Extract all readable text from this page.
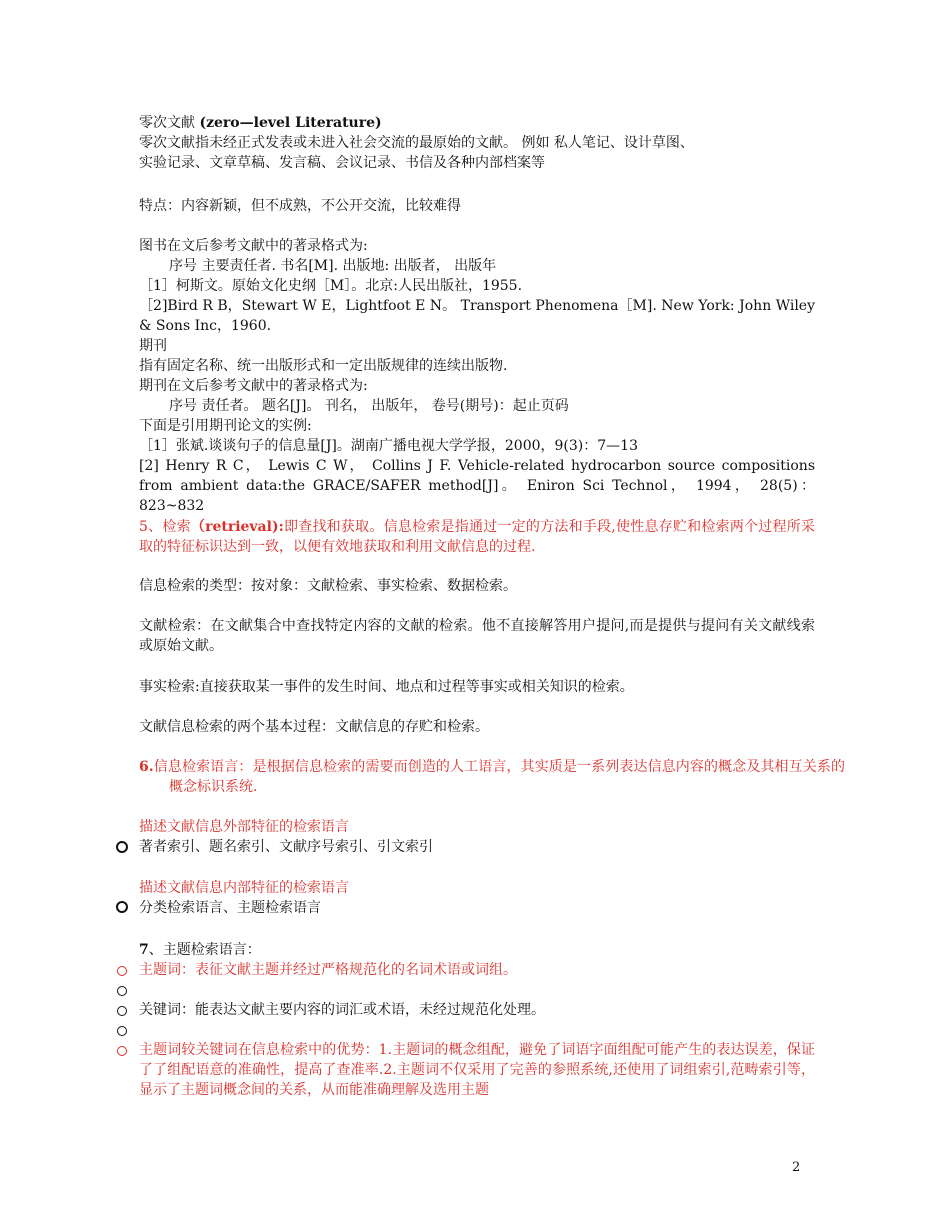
零次文献 (zero—level Literature)
零次文献指未经正式发表或未进入社会交流的最原始的文献。 例如 私人笔记、设计草图、
实验记录、文章草稿、发言稿、会议记录、书信及各种内部档案等
特点：内容新颖，但不成熟，不公开交流，比较难得
图书在文后参考文献中的著录格式为:
序号 主要责任者. 书名[M]. 出版地: 出版者， 出版年
［1］柯斯文。原始文化史纲［M］。北京:人民出版社，1955.
［2]Bird R B，Stewart W E，Lightfoot E N。 Transport Phenomena［M]. New York: John Wiley & Sons Inc，1960.
期刊
指有固定名称、统一出版形式和一定出版规律的连续出版物.
期刊在文后参考文献中的著录格式为:
序号 责任者。 题名[J]。 刊名， 出版年， 卷号(期号)：起止页码
下面是引用期刊论文的实例:
［1］张斌.谈谈句子的信息量[J]。湖南广播电视大学学报，2000，9(3)：7—13
[2] Henry R C， Lewis C W， Collins J F. Vehicle-related hydrocarbon source compositions from ambient data:the GRACE/SAFER method[J]。 Eniron Sci Technol， 1994， 28(5)： 823~832
5、检索（retrieval):即查找和获取。信息检索是指通过一定的方法和手段,使性息存贮和检索两个过程所采取的特征标识达到一致，以便有效地获取和利用文献信息的过程.
信息检索的类型：按对象：文献检索、事实检索、数据检索。
文献检索：在文献集合中查找特定内容的文献的检索。他不直接解答用户提问,而是提供与提问有关文献线索或原始文献。
事实检索:直接获取某一事件的发生时间、地点和过程等事实或相关知识的检索。
文献信息检索的两个基本过程：文献信息的存贮和检索。
6.信息检索语言：是根据信息检索的需要而创造的人工语言，其实质是一系列表达信息内容的概念及其相互关系的概念标识系统.
描述文献信息外部特征的检索语言
著者索引、题名索引、文献序号索引、引文索引
描述文献信息内部特征的检索语言
分类检索语言、主题检索语言
7、主题检索语言：
主题词：表征文献主题并经过严格规范化的名词术语或词组。
关键词：能表达文献主要内容的词汇或术语，未经过规范化处理。
主题词较关键词在信息检索中的优势：1.主题词的概念组配，避免了词语字面组配可能产生的表达误差，保证了了组配语意的准确性，提高了查准率.2.主题词不仅采用了完善的参照系统,还使用了词组索引,范畴索引等，显示了主题词概念间的关系，从而能准确理解及选用主题
2
